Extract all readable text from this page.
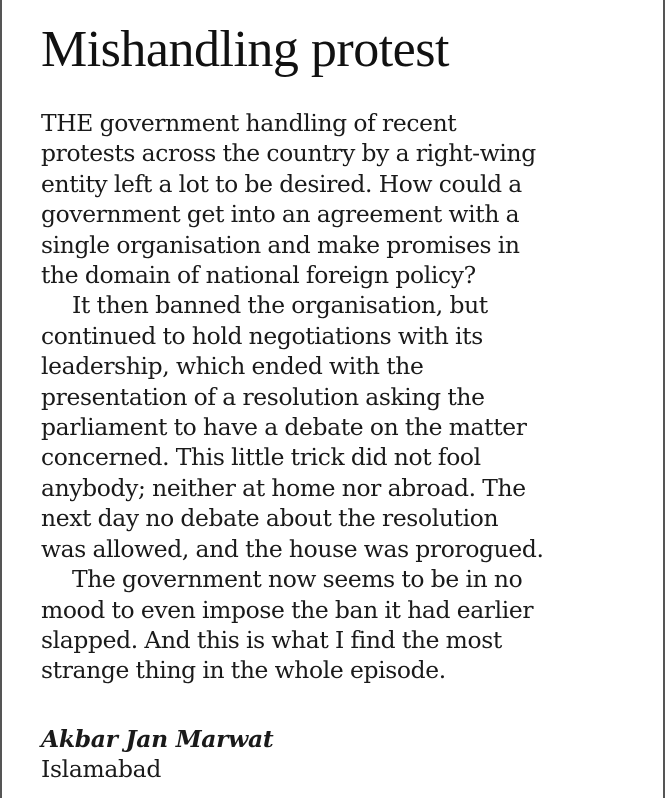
Mishandling protest

THE government handling of recent
protests across the country by a right-wing
entity left a lot to be desired. How could a
government get into an agreement with a
single organisation and make promises in
the domain of national foreign policy?

It then banned the organisation, but
continued to hold negotiations with its
leadership, which ended with the
presentation of a resolution asking the
parliament to have a debate on the matter
concerned. This little trick did not fool
anybody; neither at home nor abroad. The
next day no debate about the resolution
was allowed, and the house was prorogued.

The government now seems to be in no
mood to even impose the ban it had earlier
slapped. And this is what I find the most
strange thing in the whole episode.

Akbar Jan Marwat
Islamabad
